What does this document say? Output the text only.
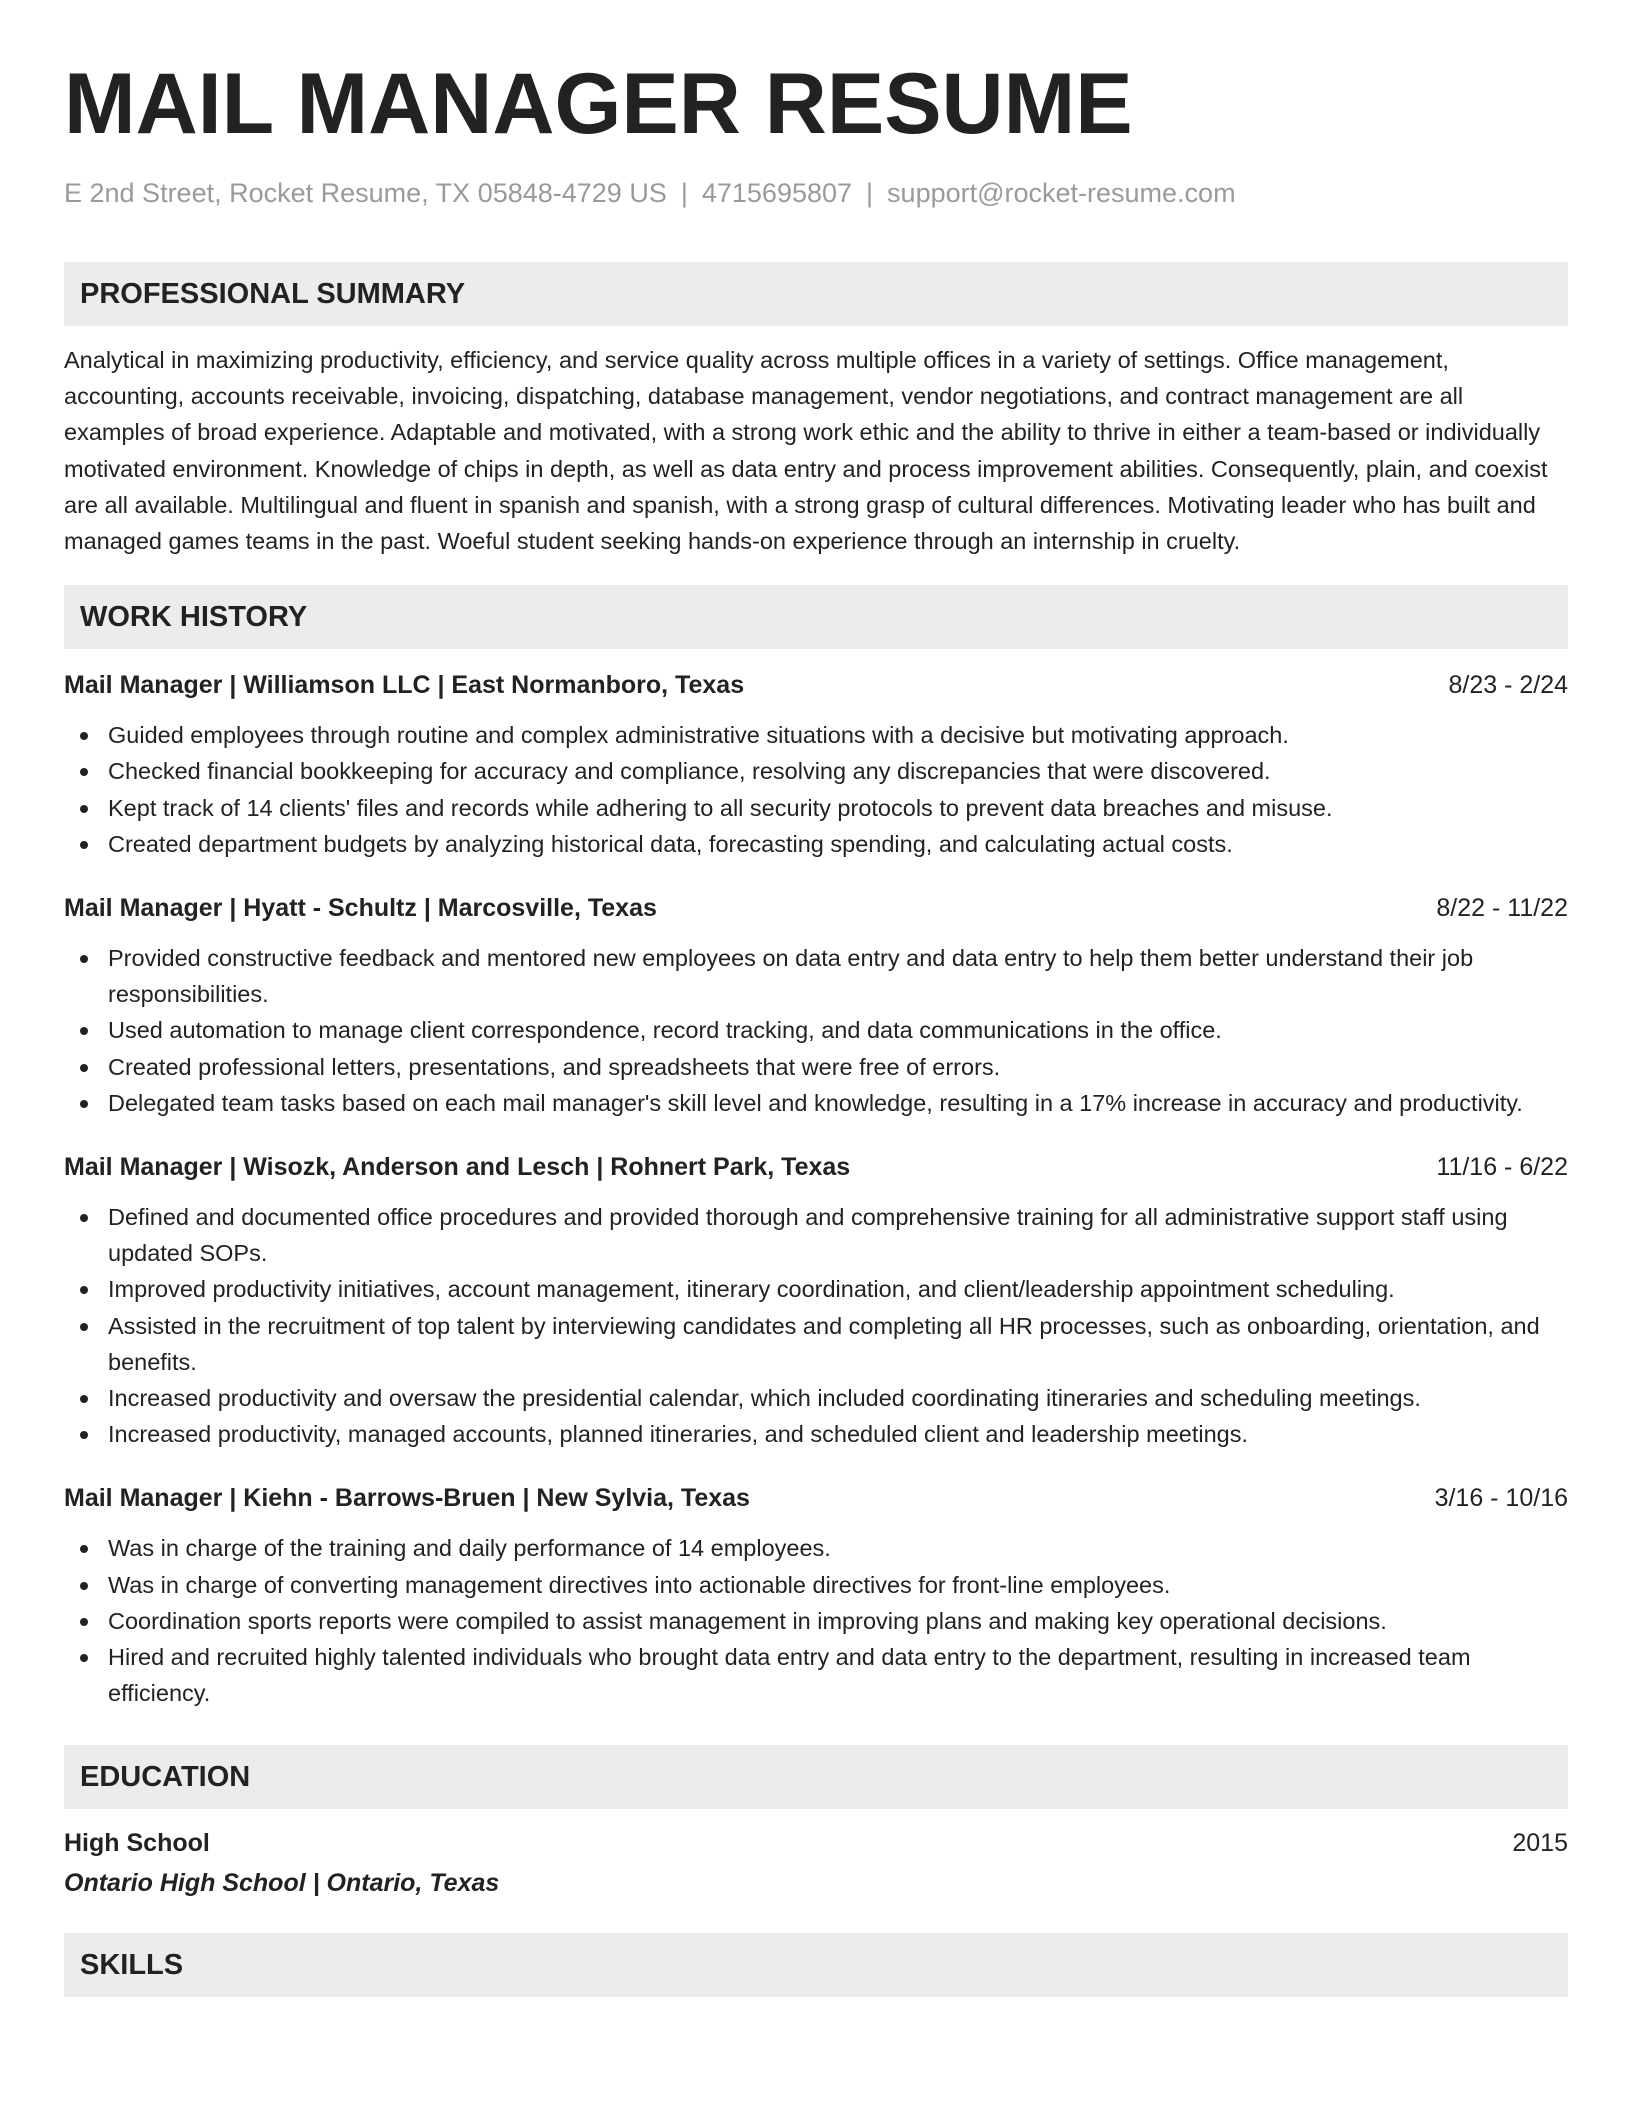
MAIL MANAGER RESUME
E 2nd Street, Rocket Resume, TX 05848-4729 US | 4715695807 | support@rocket-resume.com
PROFESSIONAL SUMMARY

Analytical in maximizing productivity, efficiency, and service quality across multiple offices in a variety of settings. Office management, accounting, accounts receivable, invoicing, dispatching, database management, vendor negotiations, and contract management are all examples of broad experience. Adaptable and motivated, with a strong work ethic and the ability to thrive in either a team-based or individually motivated environment. Knowledge of chips in depth, as well as data entry and process improvement abilities. Consequently, plain, and coexist are all available. Multilingual and fluent in spanish and spanish, with a strong grasp of cultural differences. Motivating leader who has built and managed games teams in the past. Woeful student seeking hands-on experience through an internship in cruelty.

WORK HISTORY
Mail Manager | Williamson LLC | East Normanboro, Texas	8/23 - 2/24
Guided employees through routine and complex administrative situations with a decisive but motivating approach.
Checked financial bookkeeping for accuracy and compliance, resolving any discrepancies that were discovered.
Kept track of 14 clients' files and records while adhering to all security protocols to prevent data breaches and misuse.
Created department budgets by analyzing historical data, forecasting spending, and calculating actual costs.
Mail Manager | Hyatt - Schultz | Marcosville, Texas	8/22 - 11/22
Provided constructive feedback and mentored new employees on data entry and data entry to help them better understand their job responsibilities.
Used automation to manage client correspondence, record tracking, and data communications in the office.
Created professional letters, presentations, and spreadsheets that were free of errors.
Delegated team tasks based on each mail manager's skill level and knowledge, resulting in a 17% increase in accuracy and productivity.
Mail Manager | Wisozk, Anderson and Lesch | Rohnert Park, Texas	11/16 - 6/22
Defined and documented office procedures and provided thorough and comprehensive training for all administrative support staff using updated SOPs.
Improved productivity initiatives, account management, itinerary coordination, and client/leadership appointment scheduling.
Assisted in the recruitment of top talent by interviewing candidates and completing all HR processes, such as onboarding, orientation, and benefits.
Increased productivity and oversaw the presidential calendar, which included coordinating itineraries and scheduling meetings.
Increased productivity, managed accounts, planned itineraries, and scheduled client and leadership meetings.
Mail Manager | Kiehn - Barrows-Bruen | New Sylvia, Texas	3/16 - 10/16
Was in charge of the training and daily performance of 14 employees.
Was in charge of converting management directives into actionable directives for front-line employees.
Coordination sports reports were compiled to assist management in improving plans and making key operational decisions.
Hired and recruited highly talented individuals who brought data entry and data entry to the department, resulting in increased team efficiency.
EDUCATION
High School	2015
Ontario High School | Ontario, Texas
SKILLS
